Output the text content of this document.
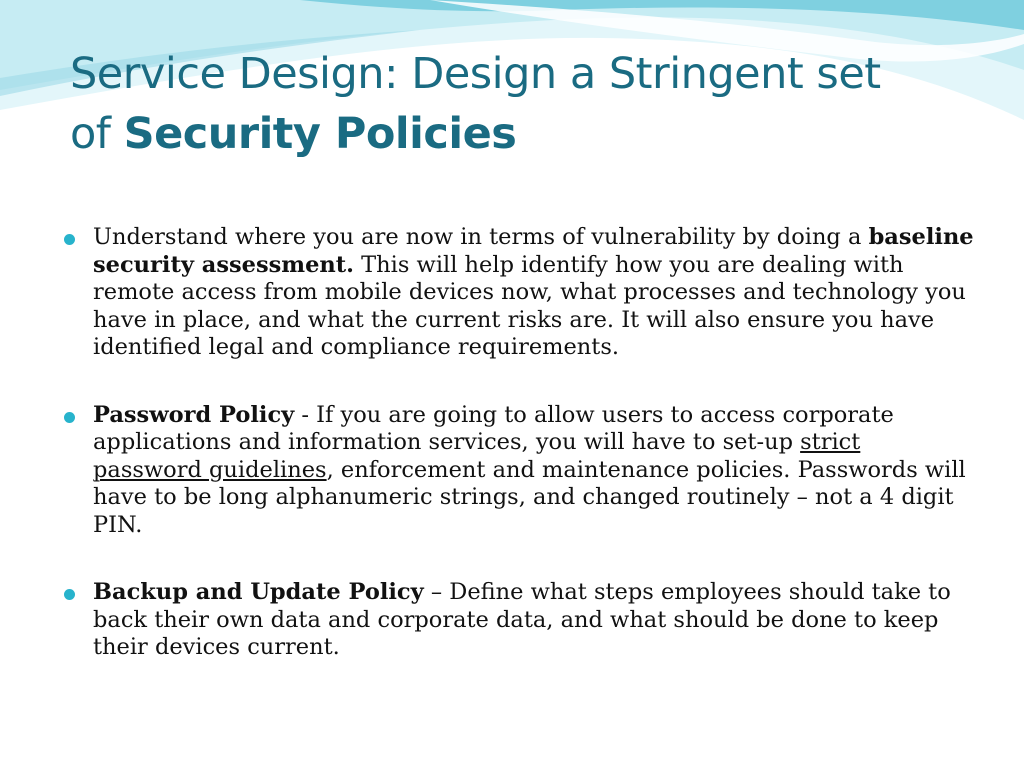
Service Design: Design a Stringent set
of Security Policies
Understand where you are now in terms of vulnerability by doing a baseline security assessment. This will help identify how you are dealing with remote access from mobile devices now, what processes and technology you have in place, and what the current risks are. It will also ensure you have identified legal and compliance requirements.
Password Policy - If you are going to allow users to access corporate applications and information services, you will have to set-up strict password guidelines, enforcement and maintenance policies. Passwords will have to be long alphanumeric strings, and changed routinely – not a 4 digit PIN.
Backup and Update Policy – Define what steps employees should take to back their own data and corporate data, and what should be done to keep their devices current.
